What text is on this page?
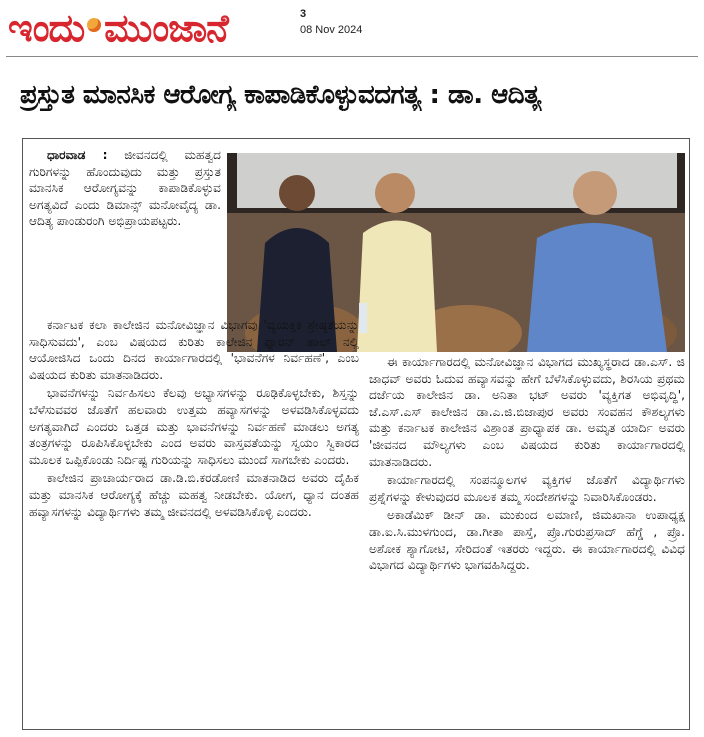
ಇಂದು ಮುಂಜಾನೆ	3
08 Nov 2024
ಪ್ರಸ್ತುತ ಮಾನಸಿಕ ಆರೋಗ್ಯ ಕಾಪಾಡಿಕೊಳ್ಳುವದಗತ್ಯ : ಡಾ. ಆದಿತ್ಯ

ಧಾರವಾಡ : ಜೀವನದಲ್ಲಿ ಮಹತ್ವದ ಗುರಿಗಳನ್ನು ಹೊಂದುವುದು ಮತ್ತು ಪ್ರಸ್ತುತ ಮಾನಸಿಕ ಆರೋಗ್ಯವನ್ನು ಕಾಪಾಡಿಕೊಳ್ಳುವ ಅಗತ್ಯವಿದೆ ಎಂದು ಡಿಮಾನ್ಸ್ ಮನೋವೈದ್ಯ ಡಾ. ಆದಿತ್ಯ ಪಾಂಡುರಂಗಿ ಅಭಿಪ್ರಾಯಪಟ್ಟರು.

ಕರ್ನಾಟಕ ಕಲಾ ಕಾಲೇಜಿನ ಮನೋವಿಜ್ಞಾನ ವಿಭಾಗವು 'ವ್ಯಯಕ್ತಿಕ ಶ್ರೇಷ್ಠತೆಯನ್ನು ಸಾಧಿಸುವದು', ಎಂಬ ವಿಷಯದ ಕುರಿತು ಕಾಲೇಜಿನ ಫ್ಯಾರನ್ ಹಾಲ್ ನಲ್ಲಿ ಆಯೋಜಿಸಿದ ಒಂದು ದಿನದ ಕಾರ್ಯಾಗಾರದಲ್ಲಿ 'ಭಾವನೆಗಳ ನಿರ್ವಹಣೆ', ಎಂಬ ವಿಷಯದ ಕುರಿತು ಮಾತನಾಡಿದರು.

ಭಾವನೆಗಳನ್ನು ನಿರ್ವಹಿಸಲು ಕೆಲವು ಅಭ್ಯಾಸಗಳನ್ನು ರೂಢಿಕೊಳ್ಳಬೇಕು, ಶಿಸ್ತನ್ನು ಬೆಳೆಸುವವರ ಜೊತೆಗೆ ಹಲವಾರು ಉತ್ತಮ ಹವ್ಯಾಸಗಳನ್ನು ಅಳವಡಿಸಿಕೊಳ್ಳವದು ಅಗತ್ಯವಾಗಿದೆ ಎಂದರು ಒತ್ತಡ ಮತ್ತು ಭಾವನೆಗಳನ್ನು ನಿರ್ವಹಣೆ ಮಾಡಲು ಅಗತ್ಯ ತಂತ್ರಗಳನ್ನು ರೂಪಿಸಿಕೊಳ್ಳಬೇಕು ಎಂದ ಅವರು ವಾಸ್ತವತೆಯನ್ನು ಸ್ವಯಂ ಸ್ವಿಕಾರದ ಮೂಲಕ ಒಪ್ಪಿಕೊಂಡು ನಿರ್ದಿಷ್ಟ ಗುರಿಯನ್ನು ಸಾಧಿಸಲು ಮುಂದೆ ಸಾಗಬೇಕು ಎಂದರು.

ಕಾಲೇಜಿನ ಪ್ರಾಚಾರ್ಯರಾದ ಡಾ.ಡಿ.ಬಿ.ಕರಡೋಣಿ ಮಾತನಾಡಿದ ಅವರು ದೈಹಿಕ ಮತ್ತು ಮಾನಸಿಕ ಆರೋಗ್ಯಕ್ಕೆ ಹೆಚ್ಚು ಮಹತ್ವ ನೀಡಬೇಕು. ಯೋಗ, ಧ್ಯಾನ ದಂತಹ ಹವ್ಯಾಸಗಳನ್ನು ವಿದ್ಯಾರ್ಥಿಗಳು ತಮ್ಮ ಜೀವನದಲ್ಲಿ ಅಳವಡಿಸಿಕೊಳ್ಳಿ ಎಂದರು.

ಈ ಕಾರ್ಯಾಗಾರದಲ್ಲಿ ಮನೋವಿಜ್ಞಾನ ವಿಭಾಗದ ಮುಖ್ಯಸ್ಥರಾದ ಡಾ.ಎಸ್. ಜಿ ಜಾಧವ್ ಅವರು ಓದುವ ಹವ್ಯಾಸವನ್ನು ಹೇಗೆ ಬೆಳೆಸಿಕೊಳ್ಳುವದು, ಶಿರಸಿಯ ಪ್ರಥಮ ದರ್ಜೆಯ ಕಾಲೇಜಿನ ಡಾ. ಅನಿತಾ ಭಟ್ ಅವರು 'ವ್ಯಕ್ತಿಗತ ಅಭಿವೃದ್ಧಿ', ಜೆ.ಎಸ್.ಎಸ್ ಕಾಲೇಜಿನ ಡಾ.ಎ.ಜಿ.ಬಿಜಾಪುರ ಅವರು ಸಂವಹನ ಕೌಶಲ್ಯಗಳು ಮತ್ತು ಕರ್ನಾಟಕ ಕಾಲೇಜಿನ ವಿಶ್ರಾಂತ ಪ್ರಾಧ್ಯಾಪಕ ಡಾ. ಅಮೃತ ಯಾರ್ದಿ ಅವರು 'ಜೀವನದ ಮೌಲ್ಯಗಳು ಎಂಬ ವಿಷಯದ ಕುರಿತು ಕಾರ್ಯಾಗಾರದಲ್ಲಿ ಮಾತನಾಡಿದರು.

ಕಾರ್ಯಾಗಾರದಲ್ಲಿ ಸಂಪನ್ಮೂಲಗಳ ವ್ಯಕ್ತಿಗಳ ಜೊತೆಗೆ ವಿದ್ಯಾರ್ಥಿಗಳು ಪ್ರಶ್ನೆಗಳನ್ನು ಕೇಳುವುದರ ಮೂಲಕ ತಮ್ಮ ಸಂದೇಶಗಳನ್ನು ನಿವಾರಿಸಿಕೊಂಡರು.

ಅಕಾಡೆಮಿಕ್ ಡೀನ್ ಡಾ. ಮುಕುಂದ ಲಮಾಣಿ, ಜಿಮಖಾನಾ ಉಪಾಧ್ಯಕ್ಷ ಡಾ.ಐ.ಸಿ.ಮುಳಗುಂದ, ಡಾ.ಗೀತಾ ಪಾಸ್ತೆ, ಪ್ರೊ.ಗುರುಪ್ರಸಾದ್ ಹೆಗ್ಡೆ , ಪ್ರೊ. ಅಶೋಕ ಶ್ಯಾಗೋಟಿ, ಸೇರಿದಂತೆ ಇತರರು ಇದ್ದರು. ಈ ಕಾರ್ಯಾಗಾರದಲ್ಲಿ ವಿವಿಧ ವಿಭಾಗದ ವಿದ್ಯಾರ್ಥಿಗಳು ಭಾಗವಹಿಸಿದ್ದರು.
